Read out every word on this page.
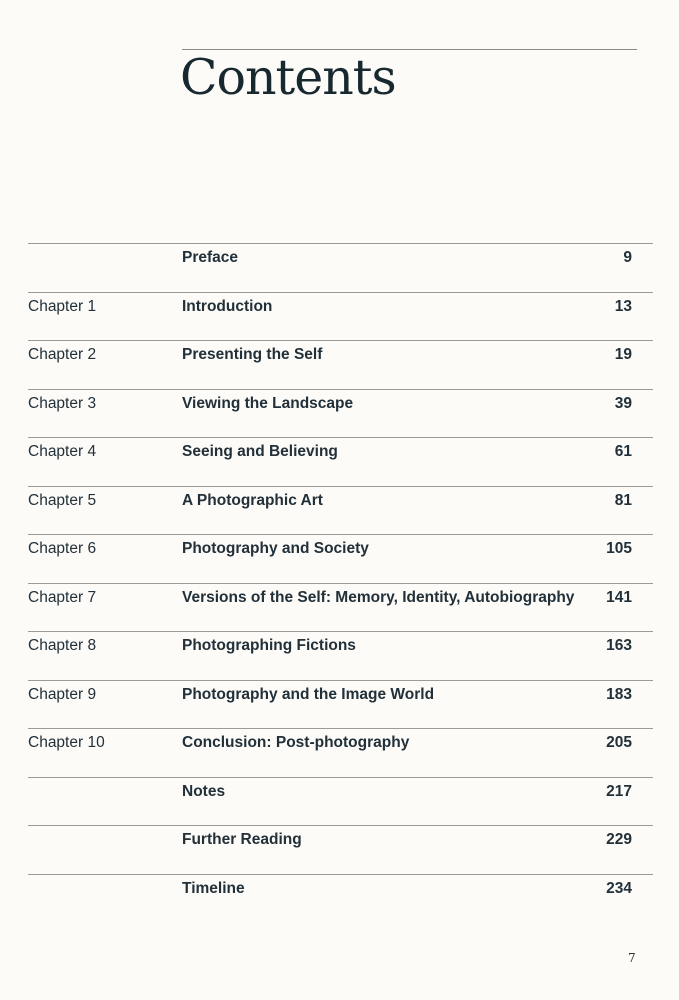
Contents
Preface	9
Chapter 1	Introduction	13
Chapter 2	Presenting the Self	19
Chapter 3	Viewing the Landscape	39
Chapter 4	Seeing and Believing	61
Chapter 5	A Photographic Art	81
Chapter 6	Photography and Society	105
Chapter 7	Versions of the Self: Memory, Identity, Autobiography 141
Chapter 8	Photographing Fictions	163
Chapter 9	Photography and the Image World	183
Chapter 10	Conclusion: Post-photography	205
Notes	217
Further Reading	229
Timeline	234
7
